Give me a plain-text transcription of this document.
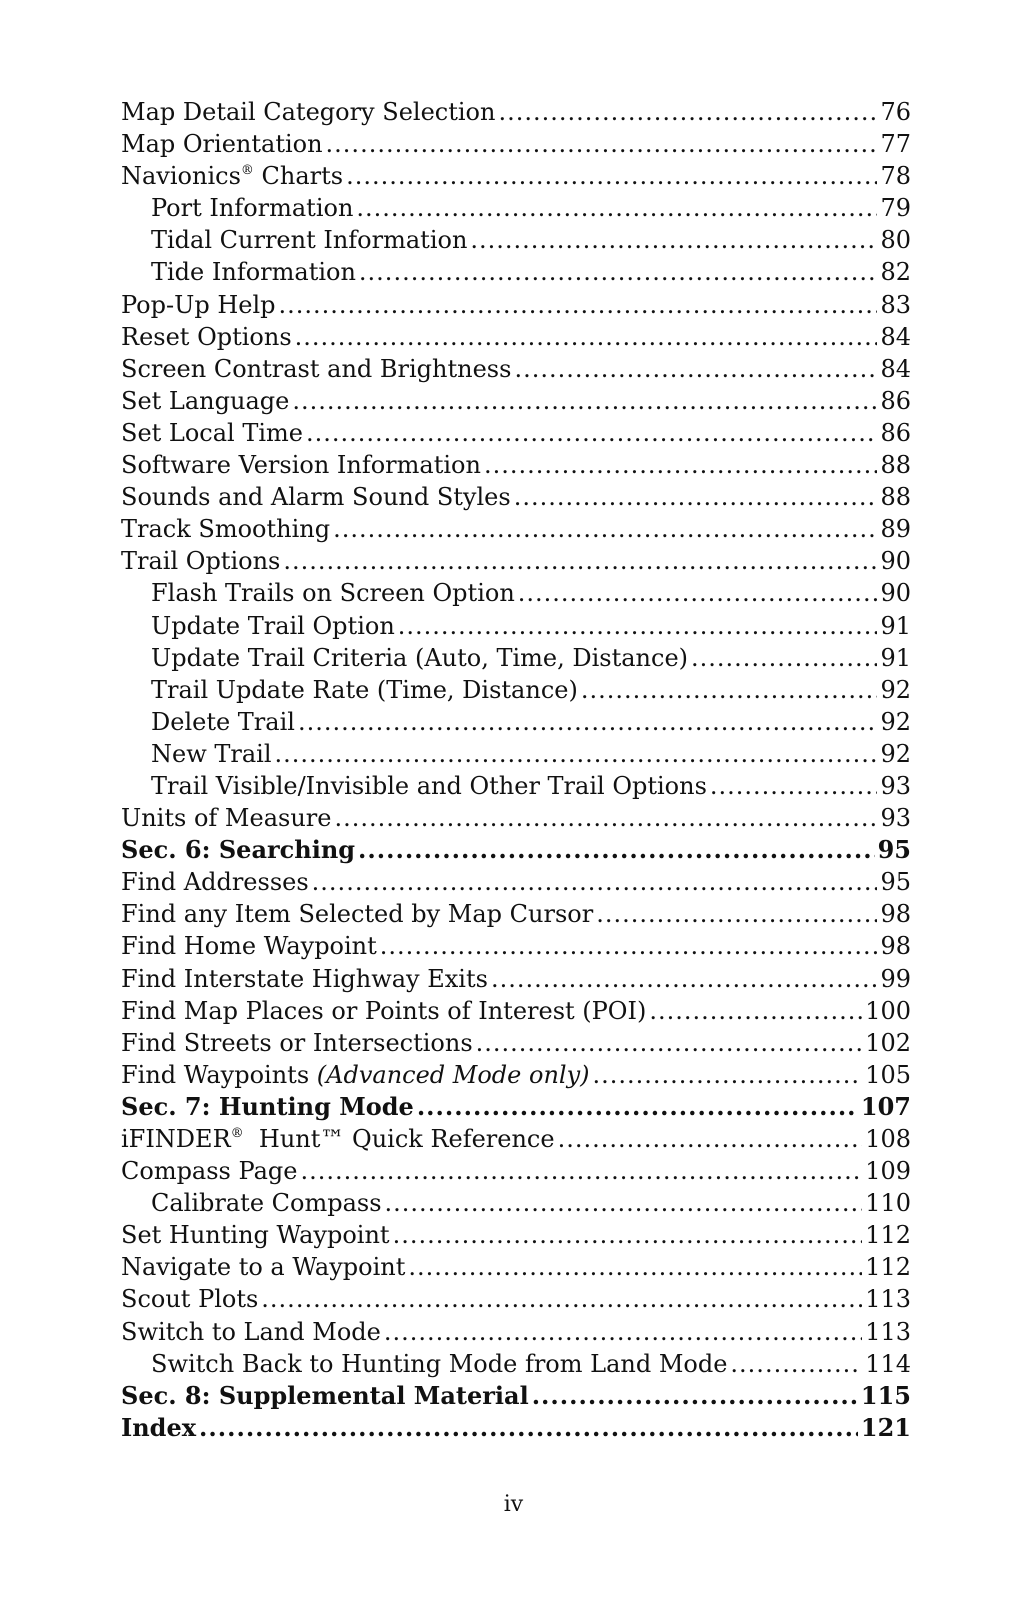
Map Detail Category Selection .....	76
Map Orientation .....	77
Navionics® Charts .....	78
Port Information .....	79
Tidal Current Information .....	80
Tide Information .....	82
Pop-Up Help .....	83
Reset Options .....	84
Screen Contrast and Brightness .....	84
Set Language .....	86
Set Local Time .....	86
Software Version Information .....	88
Sounds and Alarm Sound Styles .....	88
Track Smoothing .....	89
Trail Options .....	90
Flash Trails on Screen Option .....	90
Update Trail Option .....	91
Update Trail Criteria (Auto, Time, Distance) .....	91
Trail Update Rate (Time, Distance) .....	92
Delete Trail .....	92
New Trail .....	92
Trail Visible/Invisible and Other Trail Options .....	93
Units of Measure .....	93
Sec. 6: Searching .....	95
Find Addresses .....	95
Find any Item Selected by Map Cursor .....	98
Find Home Waypoint .....	98
Find Interstate Highway Exits .....	99
Find Map Places or Points of Interest (POI) .....	100
Find Streets or Intersections .....	102
Find Waypoints (Advanced Mode only) .....	105
Sec. 7: Hunting Mode .....	107
iFINDER®  Hunt™ Quick Reference .....	108
Compass Page .....	109
Calibrate Compass .....	110
Set Hunting Waypoint .....	112
Navigate to a Waypoint .....	112
Scout Plots .....	113
Switch to Land Mode .....	113
Switch Back to Hunting Mode from Land Mode .....	114
Sec. 8: Supplemental Material .....	115
Index .....	121
iv
